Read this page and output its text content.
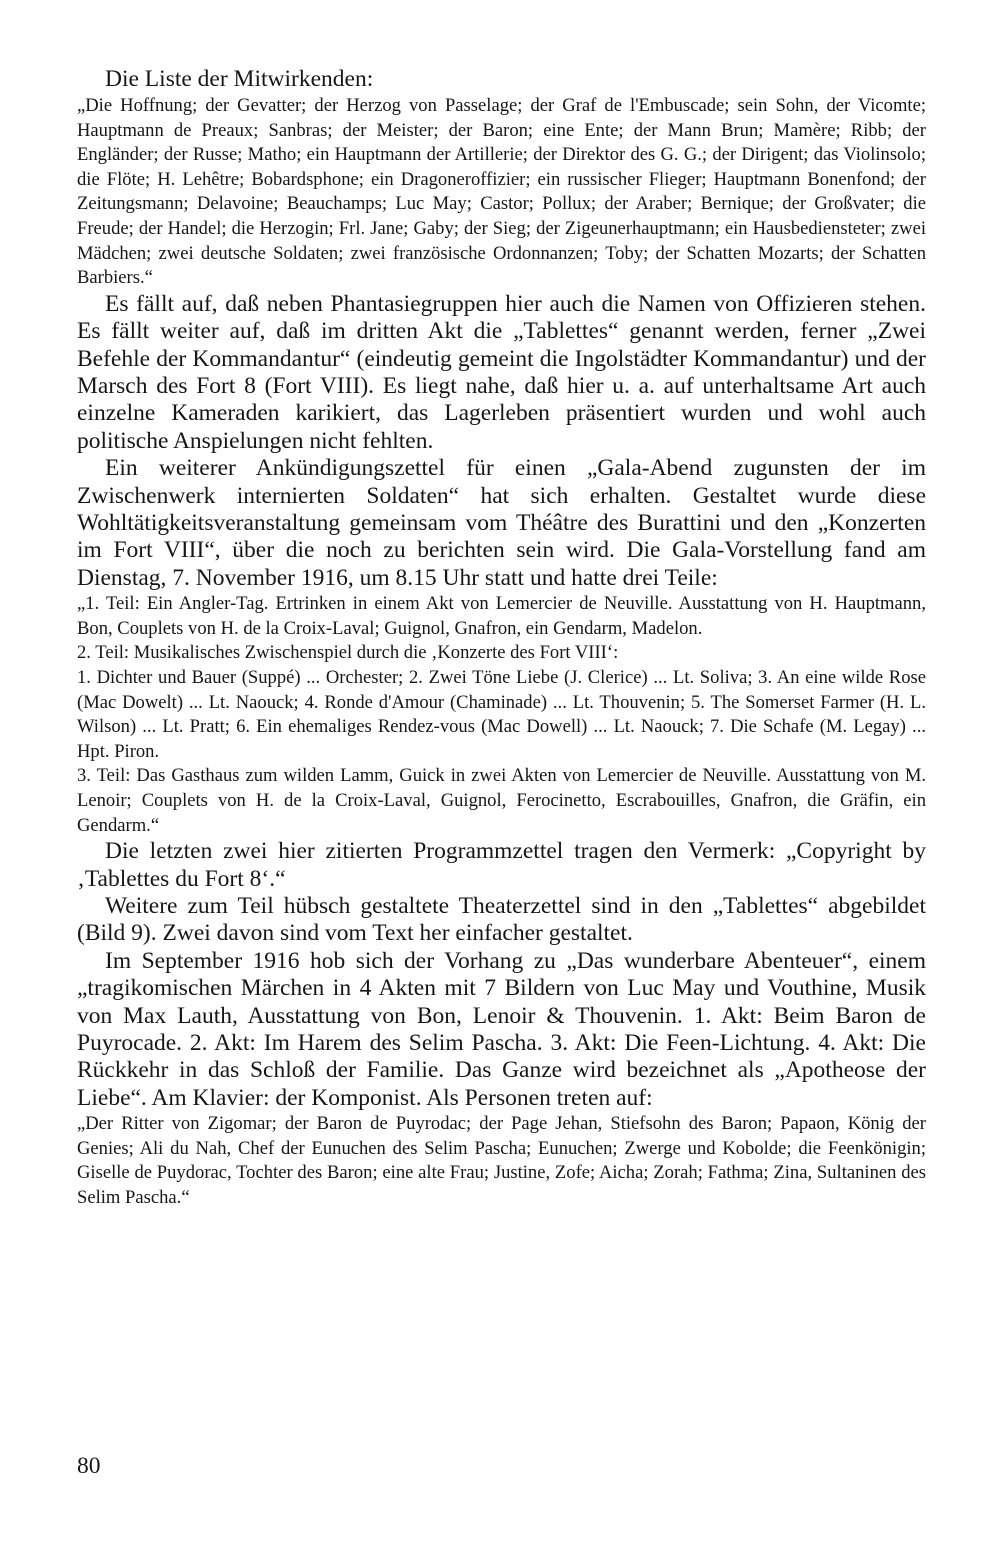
Die Liste der Mitwirkenden:

„Die Hoffnung; der Gevatter; der Herzog von Passelage; der Graf de l'Embuscade; sein Sohn, der Vicomte; Hauptmann de Preaux; Sanbras; der Meister; der Baron; eine Ente; der Mann Brun; Mamère; Ribb; der Engländer; der Russe; Matho; ein Hauptmann der Artillerie; der Direktor des G. G.; der Dirigent; das Violinsolo; die Flöte; H. Lehêtre; Bobardsphone; ein Dragoneroffizier; ein russischer Flieger; Hauptmann Bonenfond; der Zeitungsmann; Delavoine; Beauchamps; Luc May; Castor; Pollux; der Araber; Bernique; der Großvater; die Freude; der Handel; die Herzogin; Frl. Jane; Gaby; der Sieg; der Zigeunerhauptmann; ein Hausbediensteter; zwei Mädchen; zwei deutsche Soldaten; zwei französische Ordonnanzen; Toby; der Schatten Mozarts; der Schatten Barbiers.“

Es fällt auf, daß neben Phantasiegruppen hier auch die Namen von Offizieren stehen. Es fällt weiter auf, daß im dritten Akt die „Tablettes“ genannt werden, ferner „Zwei Befehle der Kommandantur“ (eindeutig gemeint die Ingolstädter Kommandantur) und der Marsch des Fort 8 (Fort VIII). Es liegt nahe, daß hier u. a. auf unterhaltsame Art auch einzelne Kameraden karikiert, das Lagerleben präsentiert wurden und wohl auch politische Anspielungen nicht fehlten.

Ein weiterer Ankündigungszettel für einen „Gala-Abend zugunsten der im Zwischenwerk internierten Soldaten“ hat sich erhalten. Gestaltet wurde diese Wohltätigkeitsveranstaltung gemeinsam vom Théâtre des Burattini und den „Konzerten im Fort VIII“, über die noch zu berichten sein wird. Die Gala-Vorstellung fand am Dienstag, 7. November 1916, um 8.15 Uhr statt und hatte drei Teile:

„1. Teil: Ein Angler-Tag. Ertrinken in einem Akt von Lemercier de Neuville. Ausstattung von H. Hauptmann, Bon, Couplets von H. de la Croix-Laval; Guignol, Gnafron, ein Gendarm, Madelon.

2. Teil: Musikalisches Zwischenspiel durch die ‚Konzerte des Fort VIII‘:

1. Dichter und Bauer (Suppé) ... Orchester; 2. Zwei Töne Liebe (J. Clerice) ... Lt. Soliva; 3. An eine wilde Rose (Mac Dowelt) ... Lt. Naouck; 4. Ronde d'Amour (Chaminade) ... Lt. Thouvenin; 5. The Somerset Farmer (H. L. Wilson) ... Lt. Pratt; 6. Ein ehemaliges Rendez-vous (Mac Dowell) ... Lt. Naouck; 7. Die Schafe (M. Legay) ... Hpt. Piron.

3. Teil: Das Gasthaus zum wilden Lamm, Guick in zwei Akten von Lemercier de Neuville. Ausstattung von M. Lenoir; Couplets von H. de la Croix-Laval, Guignol, Ferocinetto, Escrabouilles, Gnafron, die Gräfin, ein Gendarm.“

Die letzten zwei hier zitierten Programmzettel tragen den Vermerk: „Copyright by ‚Tablettes du Fort 8‘.“

Weitere zum Teil hübsch gestaltete Theaterzettel sind in den „Tablettes“ abgebildet (Bild 9). Zwei davon sind vom Text her einfacher gestaltet.

Im September 1916 hob sich der Vorhang zu „Das wunderbare Abenteuer“, einem „tragikomischen Märchen in 4 Akten mit 7 Bildern von Luc May und Vouthine, Musik von Max Lauth, Ausstattung von Bon, Lenoir & Thouvenin. 1. Akt: Beim Baron de Puyrocade. 2. Akt: Im Harem des Selim Pascha. 3. Akt: Die Feen-Lichtung. 4. Akt: Die Rückkehr in das Schloß der Familie. Das Ganze wird bezeichnet als „Apotheose der Liebe“. Am Klavier: der Komponist. Als Personen treten auf:

„Der Ritter von Zigomar; der Baron de Puyrodac; der Page Jehan, Stiefsohn des Baron; Papaon, König der Genies; Ali du Nah, Chef der Eunuchen des Selim Pascha; Eunuchen; Zwerge und Kobolde; die Feenkönigin; Giselle de Puydorac, Tochter des Baron; eine alte Frau; Justine, Zofe; Aicha; Zorah; Fathma; Zina, Sultaninen des Selim Pascha.“

80
